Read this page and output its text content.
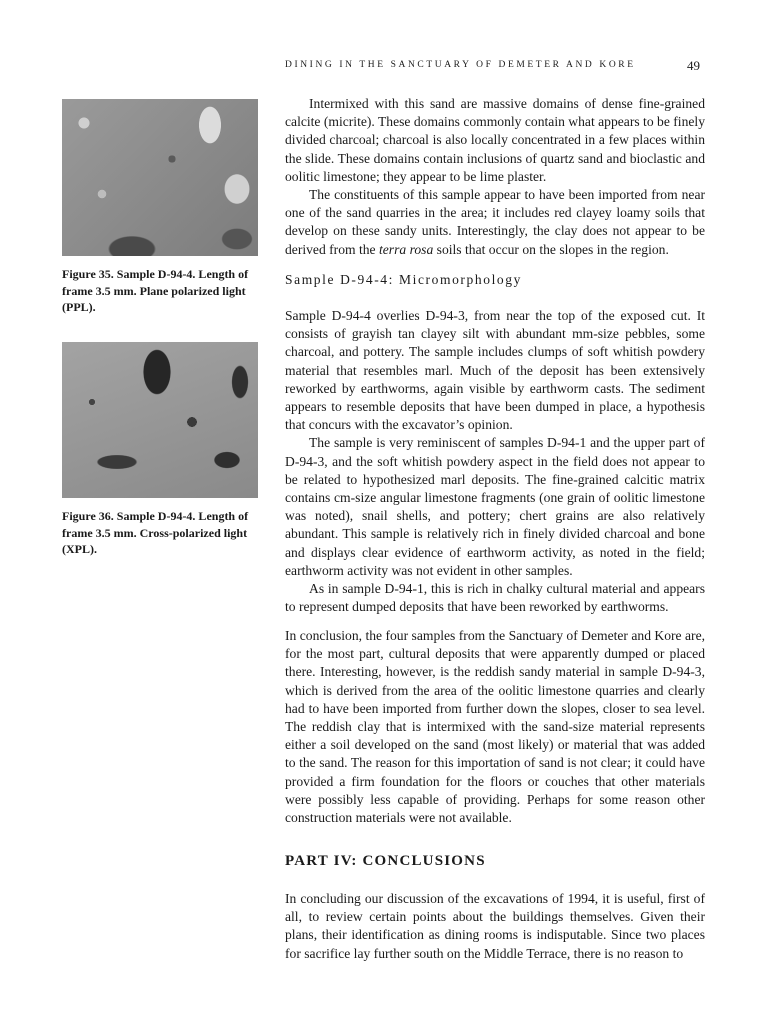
DINING IN THE SANCTUARY OF DEMETER AND KORE	49
Figure 35. Sample D-94-4. Length of frame 3.5 mm. Plane polarized light (PPL).
Figure 36. Sample D-94-4. Length of frame 3.5 mm. Cross-polarized light (XPL).

Intermixed with this sand are massive domains of dense fine-grained calcite (micrite). These domains commonly contain what appears to be finely divided charcoal; charcoal is also locally concentrated in a few places within the slide. These domains contain inclusions of quartz sand and bioclastic and oolitic limestone; they appear to be lime plaster.

The constituents of this sample appear to have been imported from near one of the sand quarries in the area; it includes red clayey loamy soils that develop on these sandy units. Interestingly, the clay does not appear to be derived from the terra rosa soils that occur on the slopes in the region.

Sample D-94-4: Micromorphology

Sample D-94-4 overlies D-94-3, from near the top of the exposed cut. It consists of grayish tan clayey silt with abundant mm-size pebbles, some charcoal, and pottery. The sample includes clumps of soft whitish powdery material that resembles marl. Much of the deposit has been extensively reworked by earthworms, again visible by earthworm casts. The sediment appears to resemble deposits that have been dumped in place, a hypothesis that concurs with the excavator’s opinion.

The sample is very reminiscent of samples D-94-1 and the upper part of D-94-3, and the soft whitish powdery aspect in the field does not appear to be related to hypothesized marl deposits. The fine-grained calcitic matrix contains cm-size angular limestone fragments (one grain of oolitic limestone was noted), snail shells, and pottery; chert grains are also relatively abundant. This sample is relatively rich in finely divided charcoal and bone and displays clear evidence of earthworm activity, as noted in the field; earthworm activity was not evident in other samples.

As in sample D-94-1, this is rich in chalky cultural material and appears to represent dumped deposits that have been reworked by earthworms.

In conclusion, the four samples from the Sanctuary of Demeter and Kore are, for the most part, cultural deposits that were apparently dumped or placed there. Interesting, however, is the reddish sandy material in sample D-94-3, which is derived from the area of the oolitic limestone quarries and clearly had to have been imported from further down the slopes, closer to sea level. The reddish clay that is intermixed with the sand-size material represents either a soil developed on the sand (most likely) or material that was added to the sand. The reason for this importation of sand is not clear; it could have provided a firm foundation for the floors or couches that other materials were possibly less capable of providing. Perhaps for some reason other construction materials were not available.

PART IV: CONCLUSIONS

In concluding our discussion of the excavations of 1994, it is useful, first of all, to review certain points about the buildings themselves. Given their plans, their identification as dining rooms is indisputable. Since two places for sacrifice lay further south on the Middle Terrace, there is no reason to
